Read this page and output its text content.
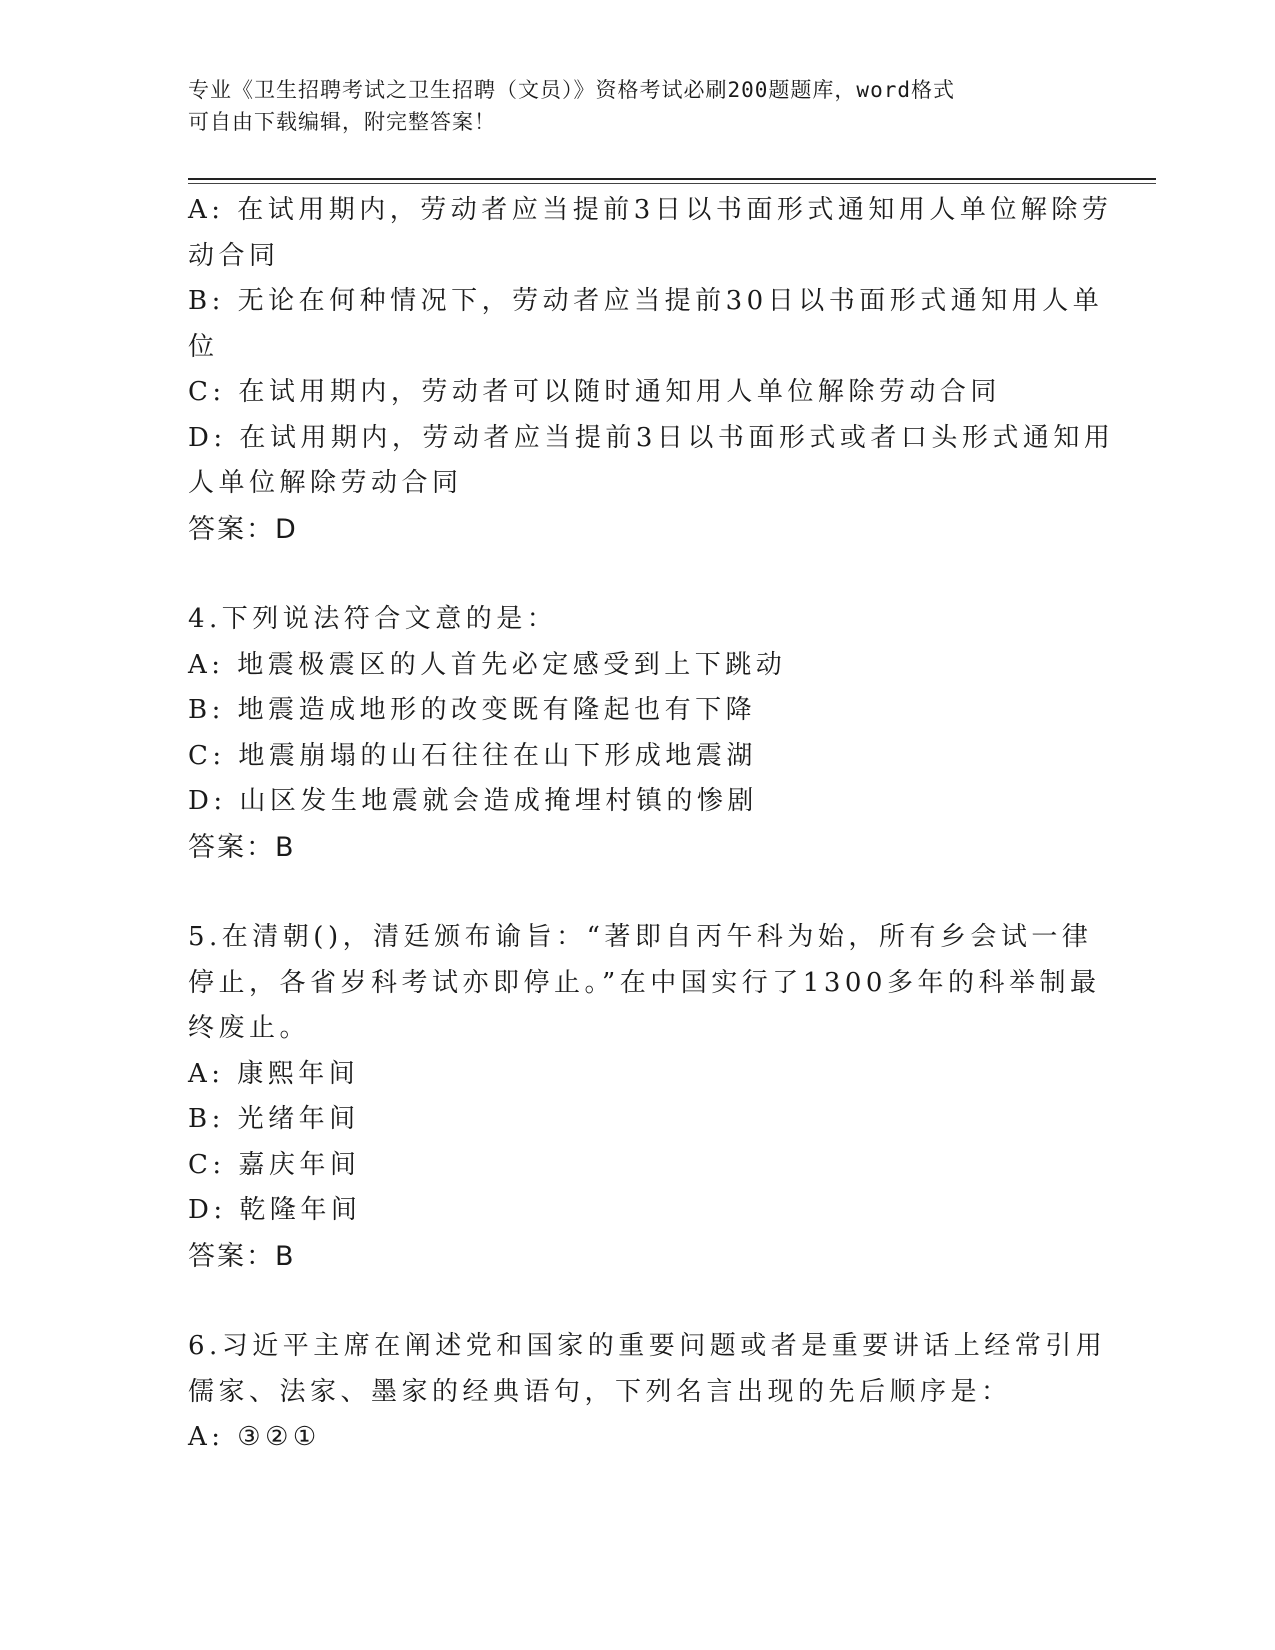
专业《卫生招聘考试之卫生招聘（文员）》资格考试必刷200题题库，word格式
可自由下载编辑，附完整答案！
A: 在试用期内，劳动者应当提前3日以书面形式通知用人单位解除劳
动合同
B: 无论在何种情况下，劳动者应当提前30日以书面形式通知用人单
位
C: 在试用期内，劳动者可以随时通知用人单位解除劳动合同
D: 在试用期内，劳动者应当提前3日以书面形式或者口头形式通知用
人单位解除劳动合同
答案：D
4.下列说法符合文意的是：
A: 地震极震区的人首先必定感受到上下跳动
B: 地震造成地形的改变既有隆起也有下降
C: 地震崩塌的山石往往在山下形成地震湖
D: 山区发生地震就会造成掩埋村镇的惨剧
答案：B
5.在清朝()，清廷颁布谕旨：“著即自丙午科为始，所有乡会试一律
停止，各省岁科考试亦即停止。”在中国实行了1300多年的科举制最
终废止。
A: 康熙年间
B: 光绪年间
C: 嘉庆年间
D: 乾隆年间
答案：B
6.习近平主席在阐述党和国家的重要问题或者是重要讲话上经常引用
儒家、法家、墨家的经典语句，下列名言出现的先后顺序是：
A: ③②①
